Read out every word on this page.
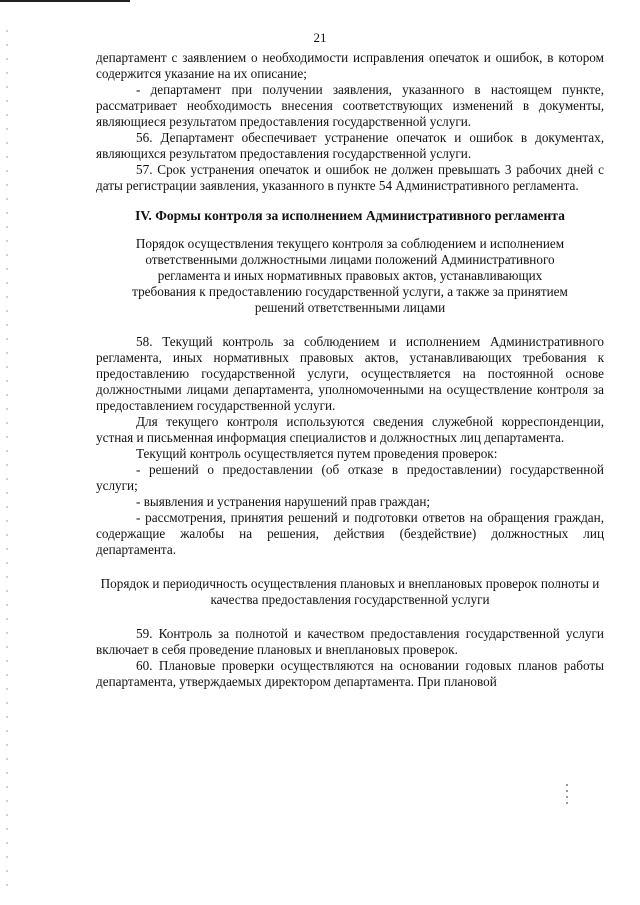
21

департамент с заявлением о необходимости исправления опечаток и ошибок, в котором содержится указание на их описание;

- департамент при получении заявления, указанного в настоящем пункте, рассматривает необходимость внесения соответствующих изменений в документы, являющиеся результатом предоставления государственной услуги.

56. Департамент обеспечивает устранение опечаток и ошибок в документах, являющихся результатом предоставления государственной услуги.

57. Срок устранения опечаток и ошибок не должен превышать 3 рабочих дней с даты регистрации заявления, указанного в пункте 54 Административного регламента.

IV. Формы контроля за исполнением Административного регламента
Порядок осуществления текущего контроля за соблюдением и исполнением ответственными должностными лицами положений Административного регламента и иных нормативных правовых актов, устанавливающих требования к предоставлению государственной услуги, а также за принятием решений ответственными лицами

58. Текущий контроль за соблюдением и исполнением Административного регламента, иных нормативных правовых актов, устанавливающих требования к предоставлению государственной услуги, осуществляется на постоянной основе должностными лицами департамента, уполномоченными на осуществление контроля за предоставлением государственной услуги.

Для текущего контроля используются сведения служебной корреспонденции, устная и письменная информация специалистов и должностных лиц департамента.

Текущий контроль осуществляется путем проведения проверок:

- решений о предоставлении (об отказе в предоставлении) государственной услуги;

- выявления и устранения нарушений прав граждан;

- рассмотрения, принятия решений и подготовки ответов на обращения граждан, содержащие жалобы на решения, действия (бездействие) должностных лиц департамента.

Порядок и периодичность осуществления плановых и внеплановых проверок полноты и качества предоставления государственной услуги

59. Контроль за полнотой и качеством предоставления государственной услуги включает в себя проведение плановых и внеплановых проверок.

60. Плановые проверки осуществляются на основании годовых планов работы департамента, утверждаемых директором департамента. При плановой
